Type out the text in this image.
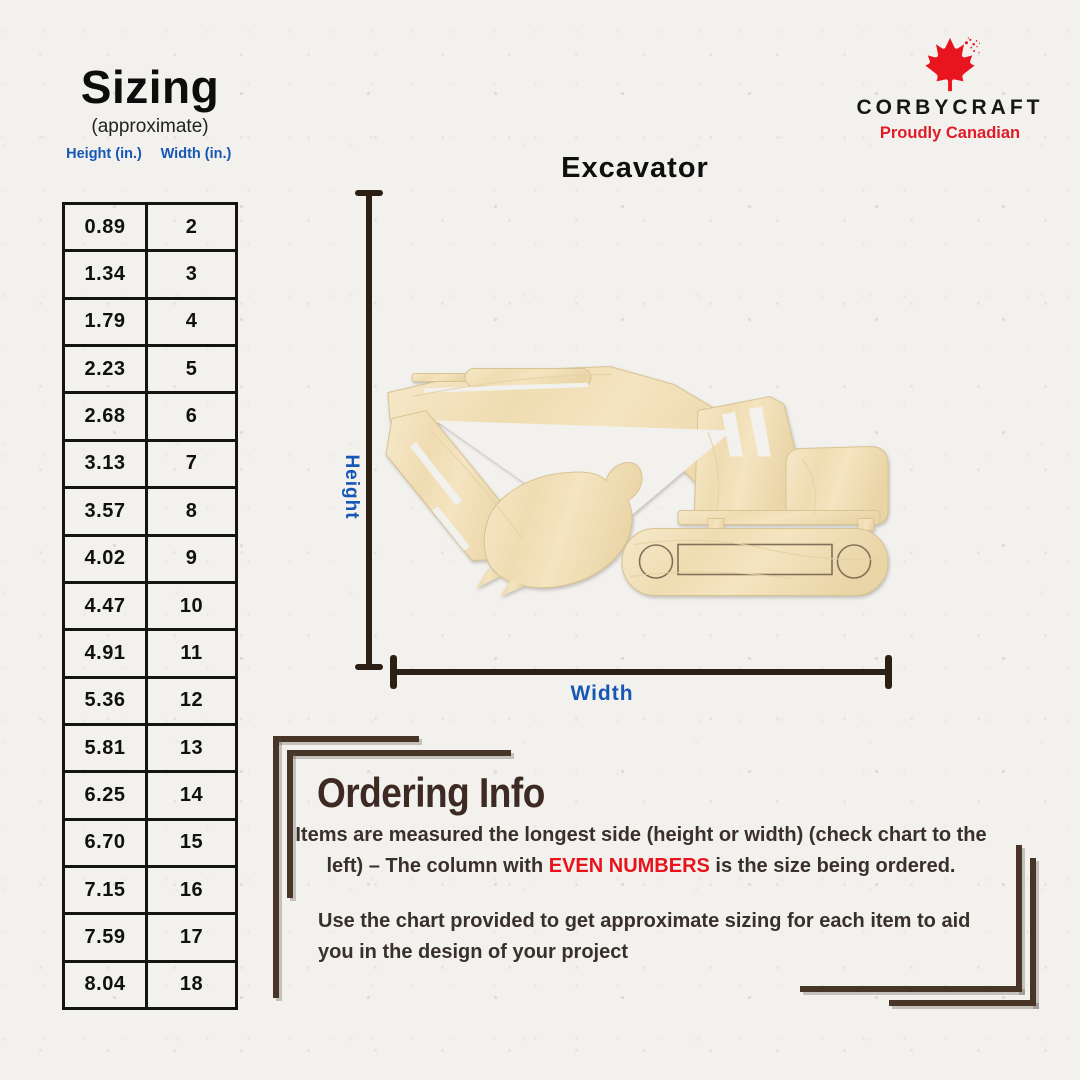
Sizing
(approximate)
Height (in.)	Width (in.)
0.89	2
1.34	3
1.79	4
2.23	5
2.68	6
3.13	7
3.57	8
4.02	9
4.47	10
4.91	11
5.36	12
5.81	13
6.25	14
6.70	15
7.15	16
7.59	17
8.04	18
CORBYCRAFT
Proudly Canadian
Excavator
Height
Width
Ordering Info

Items are measured the longest side (height or width) (check chart to the left) – The column with EVEN NUMBERS is the size being ordered.

Use the chart provided to get approximate sizing for each item to aid you in the design of your project
